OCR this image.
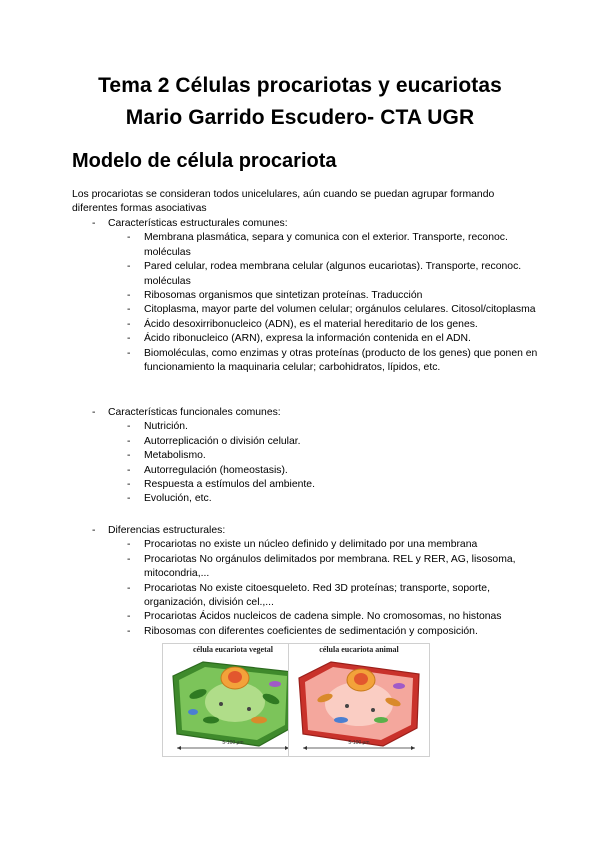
Tema 2 Células procariotas y eucariotas
Mario Garrido Escudero- CTA UGR
Modelo de célula procariota
Los procariotas se consideran todos unicelulares, aún cuando se puedan agrupar formando diferentes formas asociativas
- Características estructurales comunes:
- Membrana plasmática, separa y comunica con el exterior. Transporte, reconoc. moléculas
- Pared celular, rodea membrana celular (algunos eucariotas). Transporte, reconoc. moléculas
- Ribosomas organismos que sintetizan proteínas. Traducción
- Citoplasma, mayor parte del volumen celular; orgánulos celulares. Citosol/citoplasma
- Ácido desoxirribonucleico (ADN), es el material hereditario de los genes.
- Ácido ribonucleico (ARN), expresa la información contenida en el ADN.
- Biomoléculas, como enzimas y otras proteínas (producto de los genes) que ponen en funcionamiento la maquinaria celular; carbohidratos, lípidos, etc.
- Características funcionales comunes:
- Nutrición.
- Autorreplicación o división celular.
- Metabolismo.
- Autorregulación (homeostasis).
- Respuesta a estímulos del ambiente.
- Evolución, etc.
- Diferencias estructurales:
- Procariotas no existe un núcleo definido y delimitado por una membrana
- Procariotas No orgánulos delimitados por membrana. REL y RER, AG, lisosoma, mitocondria,...
- Procariotas No existe citoesqueleto. Red 3D proteínas; transporte, soporte, organización, división cel.,...
- Procariotas Ácidos nucleicos de cadena simple. No cromosomas, no histonas
- Ribosomas con diferentes coeficientes de sedimentación y composición.
célula eucariota vegetal
5-100 μm
célula eucariota animal
5-100 μm
